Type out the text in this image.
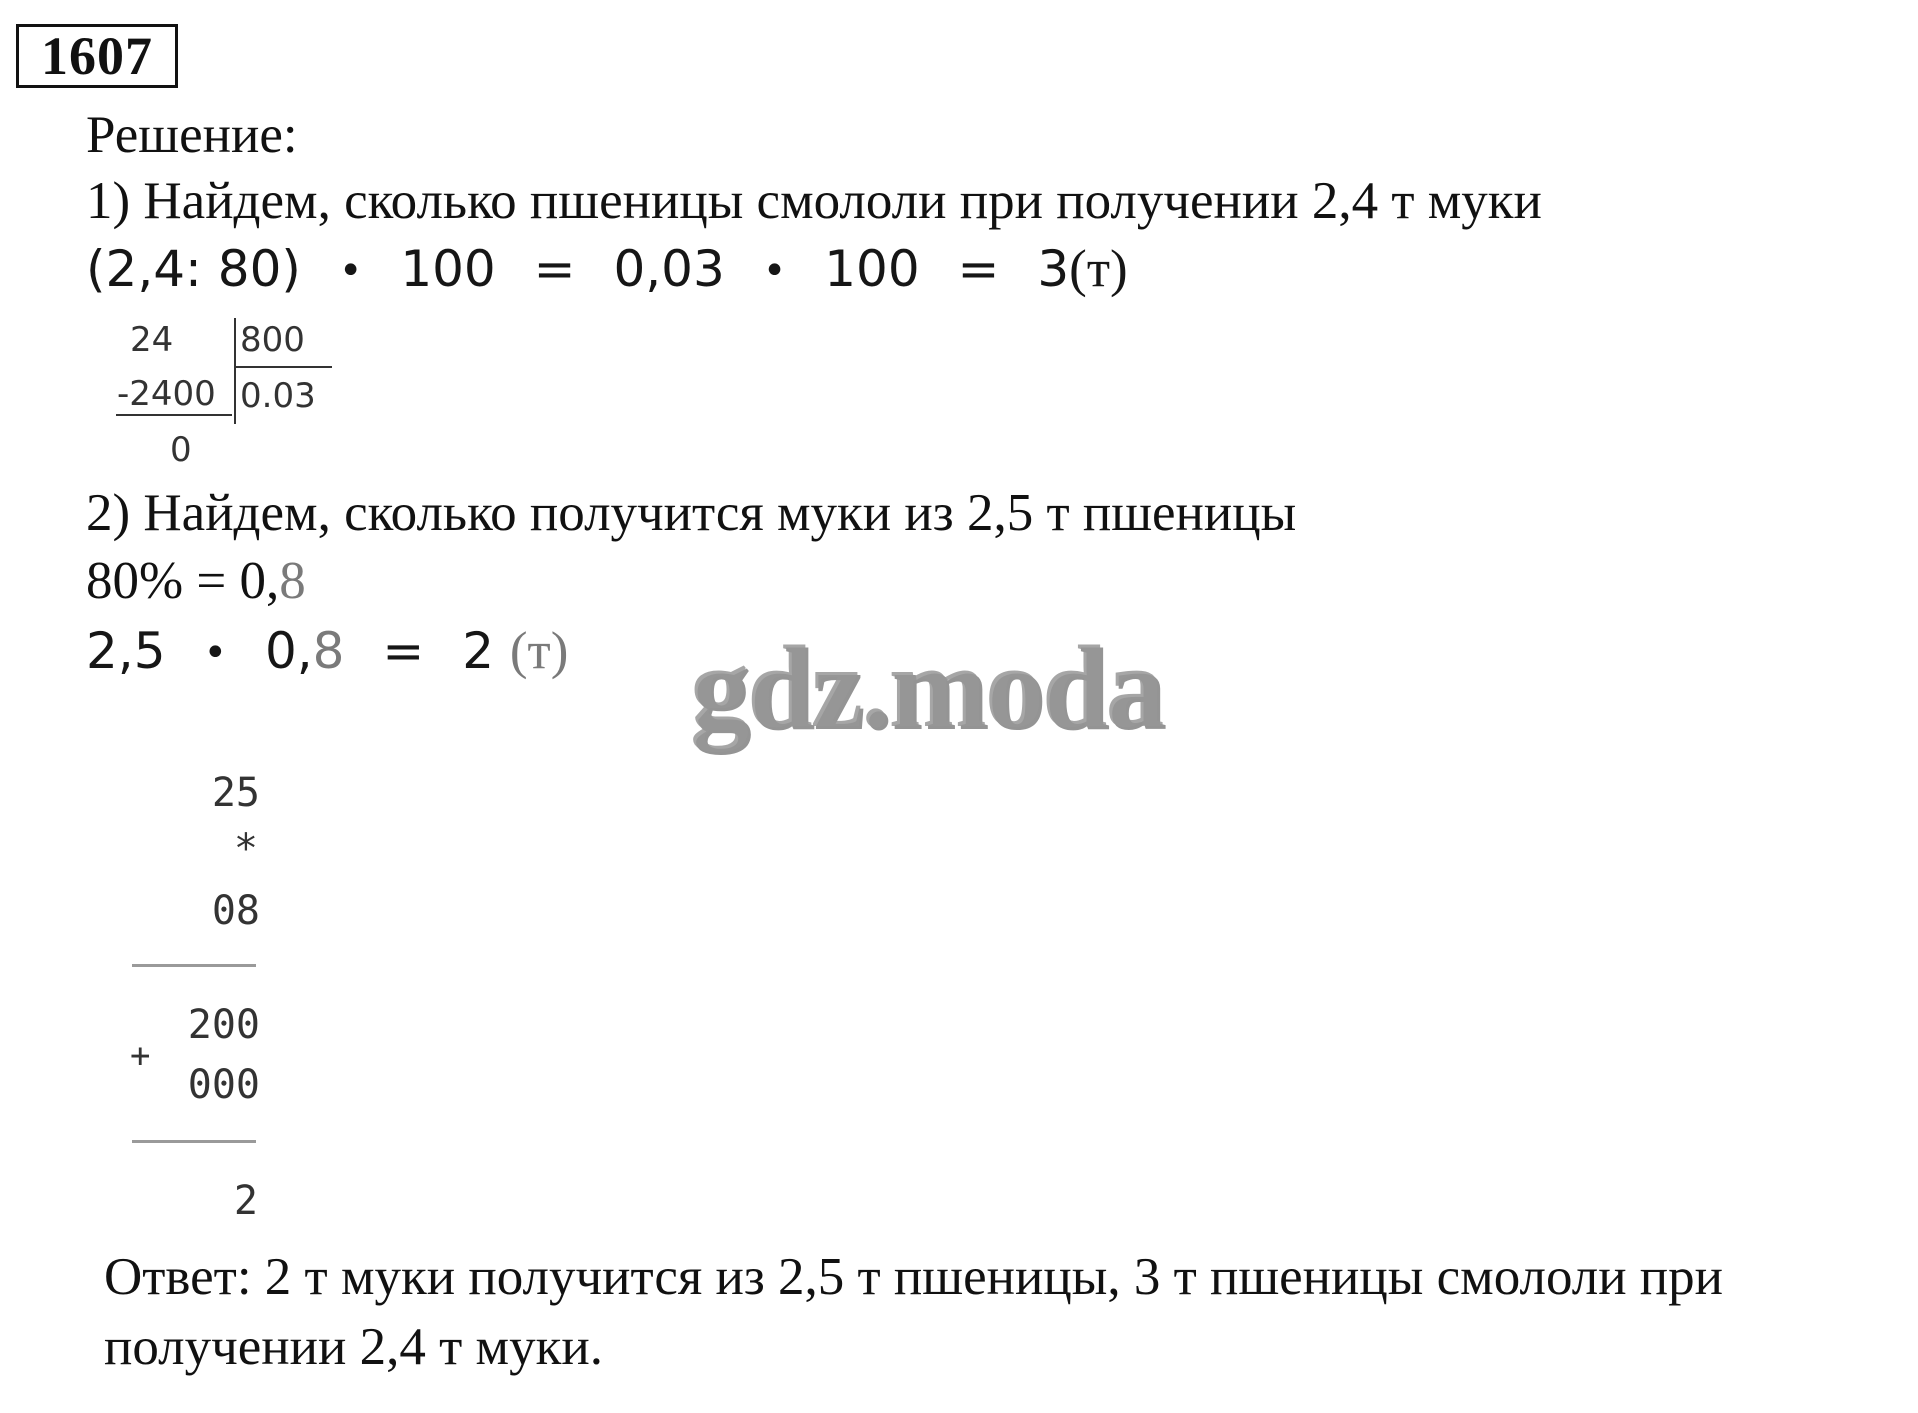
1607
Решение:
1) Найдем, сколько пшеницы смололи при получении 2,4 т муки
(2,4: 80) • 100 = 0,03 • 100 = 3(т)
24 800
-2400 0.03
0
2) Найдем, сколько получится муки из 2,5 т пшеницы
80% = 0,8
2,5 • 0,8 = 2 (т) gdz.moda
25
*
08
200
+
000
2
Ответ: 2 т муки получится из 2,5 т пшеницы, 3 т пшеницы смололи при
получении 2,4 т муки.
